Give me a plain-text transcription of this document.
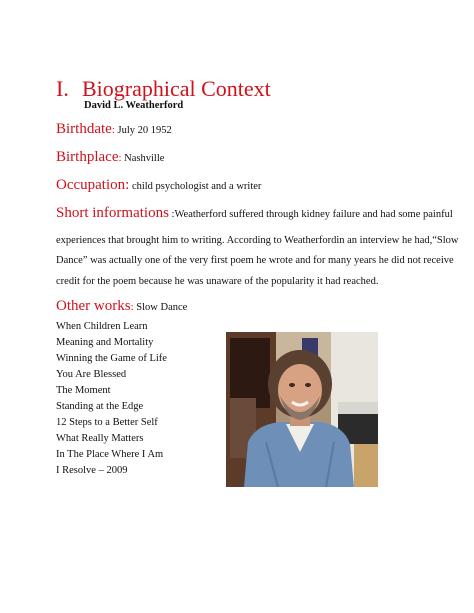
I. Biographical Context
David L. Weatherford
Birthdate: July 20 1952
Birthplace: Nashville
Occupation: child psychologist and a writer
Short informations :Weatherford suffered through kidney failure and had some painful
experiences that brought him to writing. According to Weatherfordin an interview he had,“Slow
Dance” was actually one of the very first poem he wrote and for many years he did not receive
credit for the poem because he was unaware of the popularity it had reached.
Other works: Slow Dance
When Children Learn
Meaning and Mortality
Winning the Game of Life
You Are Blessed
The Moment
Standing at the Edge
12 Steps to a Better Self
What Really Matters
In The Place Where I Am
I Resolve – 2009
